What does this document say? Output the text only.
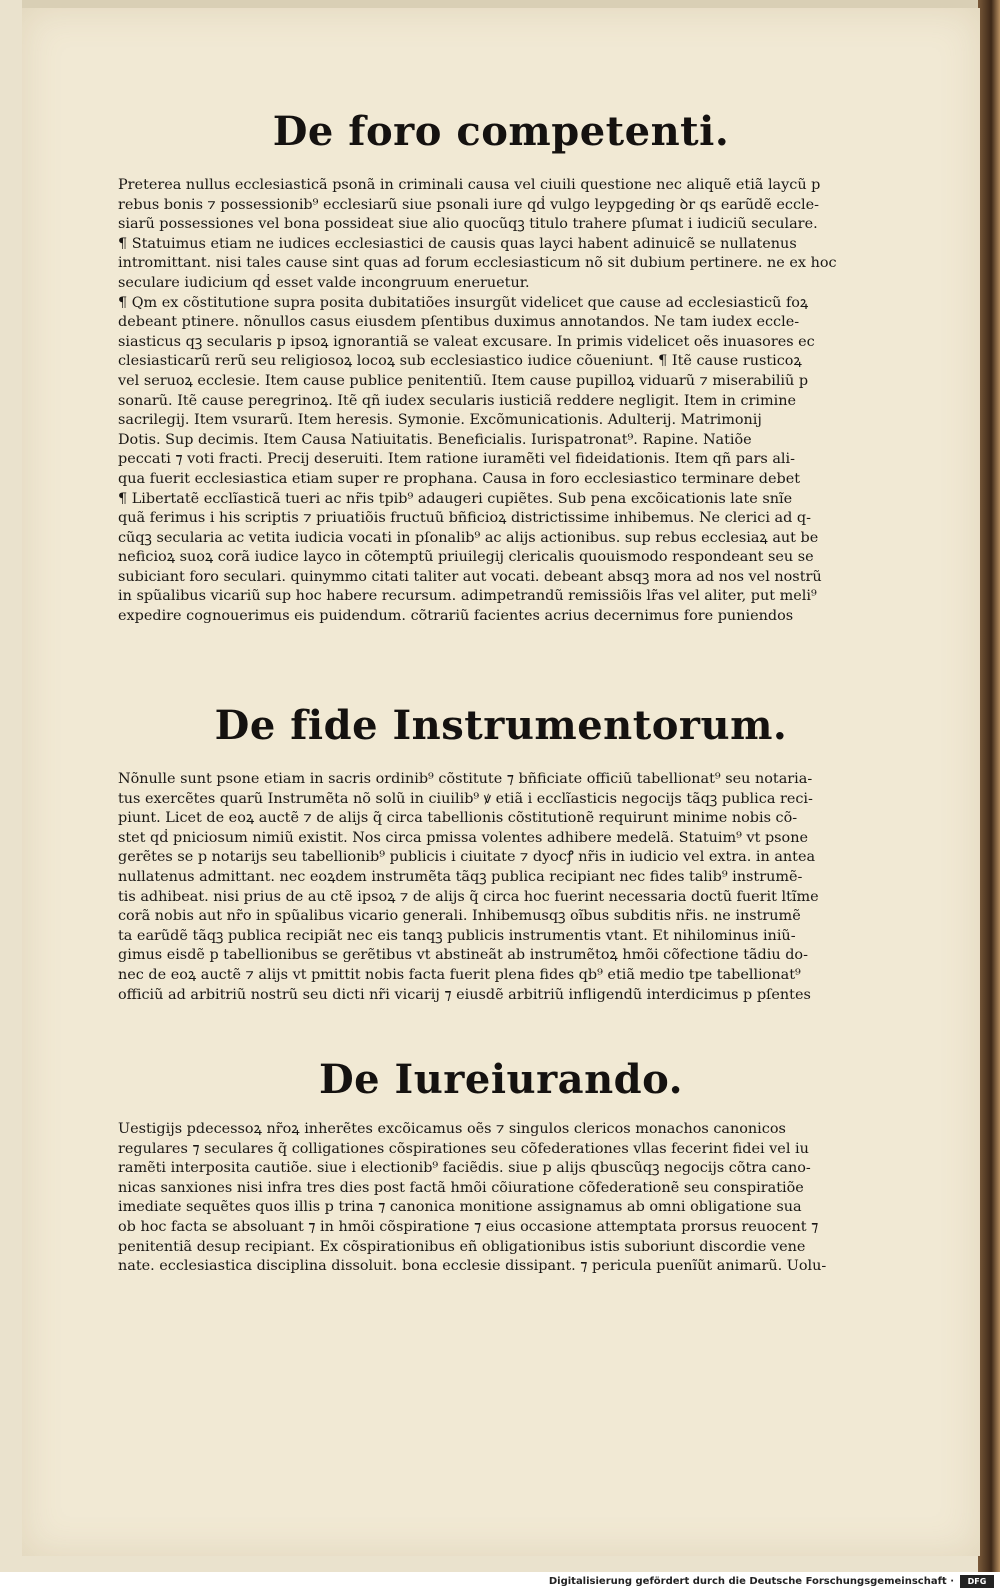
De foro competenti.
Preterea nullus ecclesiasticã psonã in criminali causa vel ciuili questione nec aliquẽ etiã laycũ p
rebus bonis ⁊ possessionib⁹ ecclesiarũ siue psonali iure qḋ vulgo leypgeding ꝺr qs earũdẽ eccle-
siarũ possessiones vel bona possideat siue alio quocũqꝫ titulo trahere pſumat i iudiciũ seculare.
¶ Statuimus etiam ne iudices ecclesiastici de causis quas layci habent adinuicẽ se nullatenus
intromittant. nisi tales cause sint quas ad forum ecclesiasticum nõ sit dubium pertinere. ne ex hoc
seculare iudicium qḋ esset valde incongruum eneruetur.
¶ Qm ex cõstitutione supra posita dubitatiões insurgũt videlicet que cause ad ecclesiasticũ foꝝ
debeant ptinere. nõnullos casus eiusdem pſentibus duximus annotandos. Ne tam iudex eccle-
siasticus qꝫ secularis p ipsoꝝ ignorantiã se valeat excusare. In primis videlicet oẽs inuasores ec
clesiasticarũ rerũ seu religiosoꝝ locoꝝ sub ecclesiastico iudice cõueniunt. ¶ Itẽ cause rusticoꝝ
vel seruoꝝ ecclesie. Item cause publice penitentiũ. Item cause pupilloꝝ viduarũ ⁊ miserabiliũ p
sonarũ. Itẽ cause peregrinoꝝ. Itẽ qñ iudex secularis iusticiã reddere negligit. Item in crimine
sacrilegij. Item vsurarũ. Item heresis. Symonie. Excõmunicationis. Adulterij. Matrimonij
Dotis. Sup decimis. Item Causa Natiuitatis. Beneficialis. Iurispatronat⁹. Rapine. Natiõe
peccati ⁊ voti fracti. Precij deseruiti. Item ratione iuramẽti vel fideidationis. Item qñ pars ali-
qua fuerit ecclesiastica etiam super re prophana. Causa in foro ecclesiastico terminare debet
¶ Libertatẽ ecclĩasticã tueri ac nr̃is tpib⁹ adaugeri cupiẽtes. Sub pena excõicationis late snĩe
quã ferimus i his scriptis ⁊ priuatiõis fructuũ bñficioꝝ districtissime inhibemus. Ne clerici ad q-
cũqꝫ secularia ac vetita iudicia vocati in pſonalib⁹ ac alijs actionibus. sup rebus ecclesiaꝝ aut be
neficioꝝ suoꝝ corã iudice layco in cõtemptũ priuilegij clericalis quouismodo respondeant seu se
subiciant foro seculari. quinymmo citati taliter aut vocati. debeant absqꝫ mora ad nos vel nostrũ
in spũalibus vicariũ sup hoc habere recursum. adimpetrandũ remissiõis lr̃as vel aliter, put meli⁹
expedire cognouerimus eis puidendum. cõtrariũ facientes acrius decernimus fore puniendos
De fide Instrumentorum.
Nõnulle sunt psone etiam in sacris ordinib⁹ cõstitute ⁊ bñficiate officiũ tabellionat⁹ seu notaria-
tus exercẽtes quarũ Instrumẽta nõ solũ in ciuilib⁹ ꝟ etiã i ecclĩasticis negocijs tãqꝫ publica reci-
piunt. Licet de eoꝝ auctẽ ⁊ de alijs q̃ circa tabellionis cõstitutionẽ requirunt minime nobis cõ-
stet qḋ pniciosum nimiũ existit. Nos circa pmissa volentes adhibere medelã. Statuim⁹ vt psone
gerẽtes se p notarijs seu tabellionib⁹ publicis i ciuitate ⁊ dyocꝭ nr̃is in iudicio vel extra. in antea
nullatenus admittant. nec eoꝝdem instrumẽta tãqꝫ publica recipiant nec fides talib⁹ instrumẽ-
tis adhibeat. nisi prius de au ctẽ ipsoꝝ ⁊ de alijs q̃ circa hoc fuerint necessaria doctũ fuerit ltĩme
corã nobis aut nr̃o in spũalibus vicario generali. Inhibemusqꝫ oĩbus subditis nr̃is. ne instrumẽ
ta earũdẽ tãqꝫ publica recipiãt nec eis tanqꝫ publicis instrumentis vtant. Et nihilominus iniũ-
gimus eisdẽ p tabellionibus se gerẽtibus vt abstineãt ab instrumẽtoꝝ hmõi cõfectione tãdiu do-
nec de eoꝝ auctẽ ⁊ alijs vt pmittit nobis facta fuerit plena fides qb⁹ etiã medio tpe tabellionat⁹
officiũ ad arbitriũ nostrũ seu dicti nr̃i vicarij ⁊ eiusdẽ arbitriũ infligendũ interdicimus p pſentes
De Iureiurando.
Uestigijs pdecessoꝝ nr̃oꝝ inherẽtes excõicamus oẽs ⁊ singulos clericos monachos canonicos
regulares ⁊ seculares q̃ colligationes cõspirationes seu cõfederationes vllas fecerint fidei vel iu
ramẽti interposita cautiõe. siue i electionib⁹ faciẽdis. siue p alijs qbuscũqꝫ negocijs cõtra cano-
nicas sanxiones nisi infra tres dies post factã hmõi cõiuratione cõfederationẽ seu conspiratiõe
imediate sequẽtes quos illis p trina ⁊ canonica monitione assignamus ab omni obligatione sua
ob hoc facta se absoluant ⁊ in hmõi cõspiratione ⁊ eius occasione attemptata prorsus reuocent ⁊
penitentiã desup recipiant. Ex cõspirationibus eñ obligationibus istis suboriunt discordie vene
nate. ecclesiastica disciplina dissoluit. bona ecclesie dissipant. ⁊ pericula puenĩũt animarũ. Uolu-
Digitalisierung gefördert durch die Deutsche Forschungsgemeinschaft ·	DFG
